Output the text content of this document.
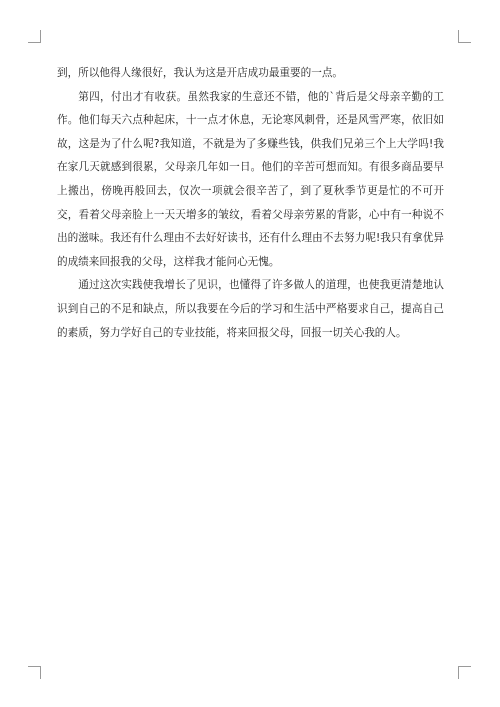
到，所以他得人缘很好，我认为这是开店成功最重要的一点。

第四，付出才有收获。虽然我家的生意还不错，他的`背后是父母亲辛勤的工作。他们每天六点种起床，十一点才休息，无论寒风刺骨，还是风雪严寒，依旧如故，这是为了什么呢?我知道，不就是为了多赚些钱，供我们兄弟三个上大学吗!我在家几天就感到很累，父母亲几年如一日。他们的辛苦可想而知。有很多商品要早上搬出，傍晚再般回去，仅次一项就会很辛苦了，到了夏秋季节更是忙的不可开交，看着父母亲脸上一天天增多的皱纹，看着父母亲劳累的背影，心中有一种说不出的滋味。我还有什么理由不去好好读书，还有什么理由不去努力呢!我只有拿优异的成绩来回报我的父母，这样我才能问心无愧。

通过这次实践使我增长了见识，也懂得了许多做人的道理，也使我更清楚地认识到自己的不足和缺点，所以我要在今后的学习和生活中严格要求自己，提高自己的素质，努力学好自己的专业技能，将来回报父母，回报一切关心我的人。
